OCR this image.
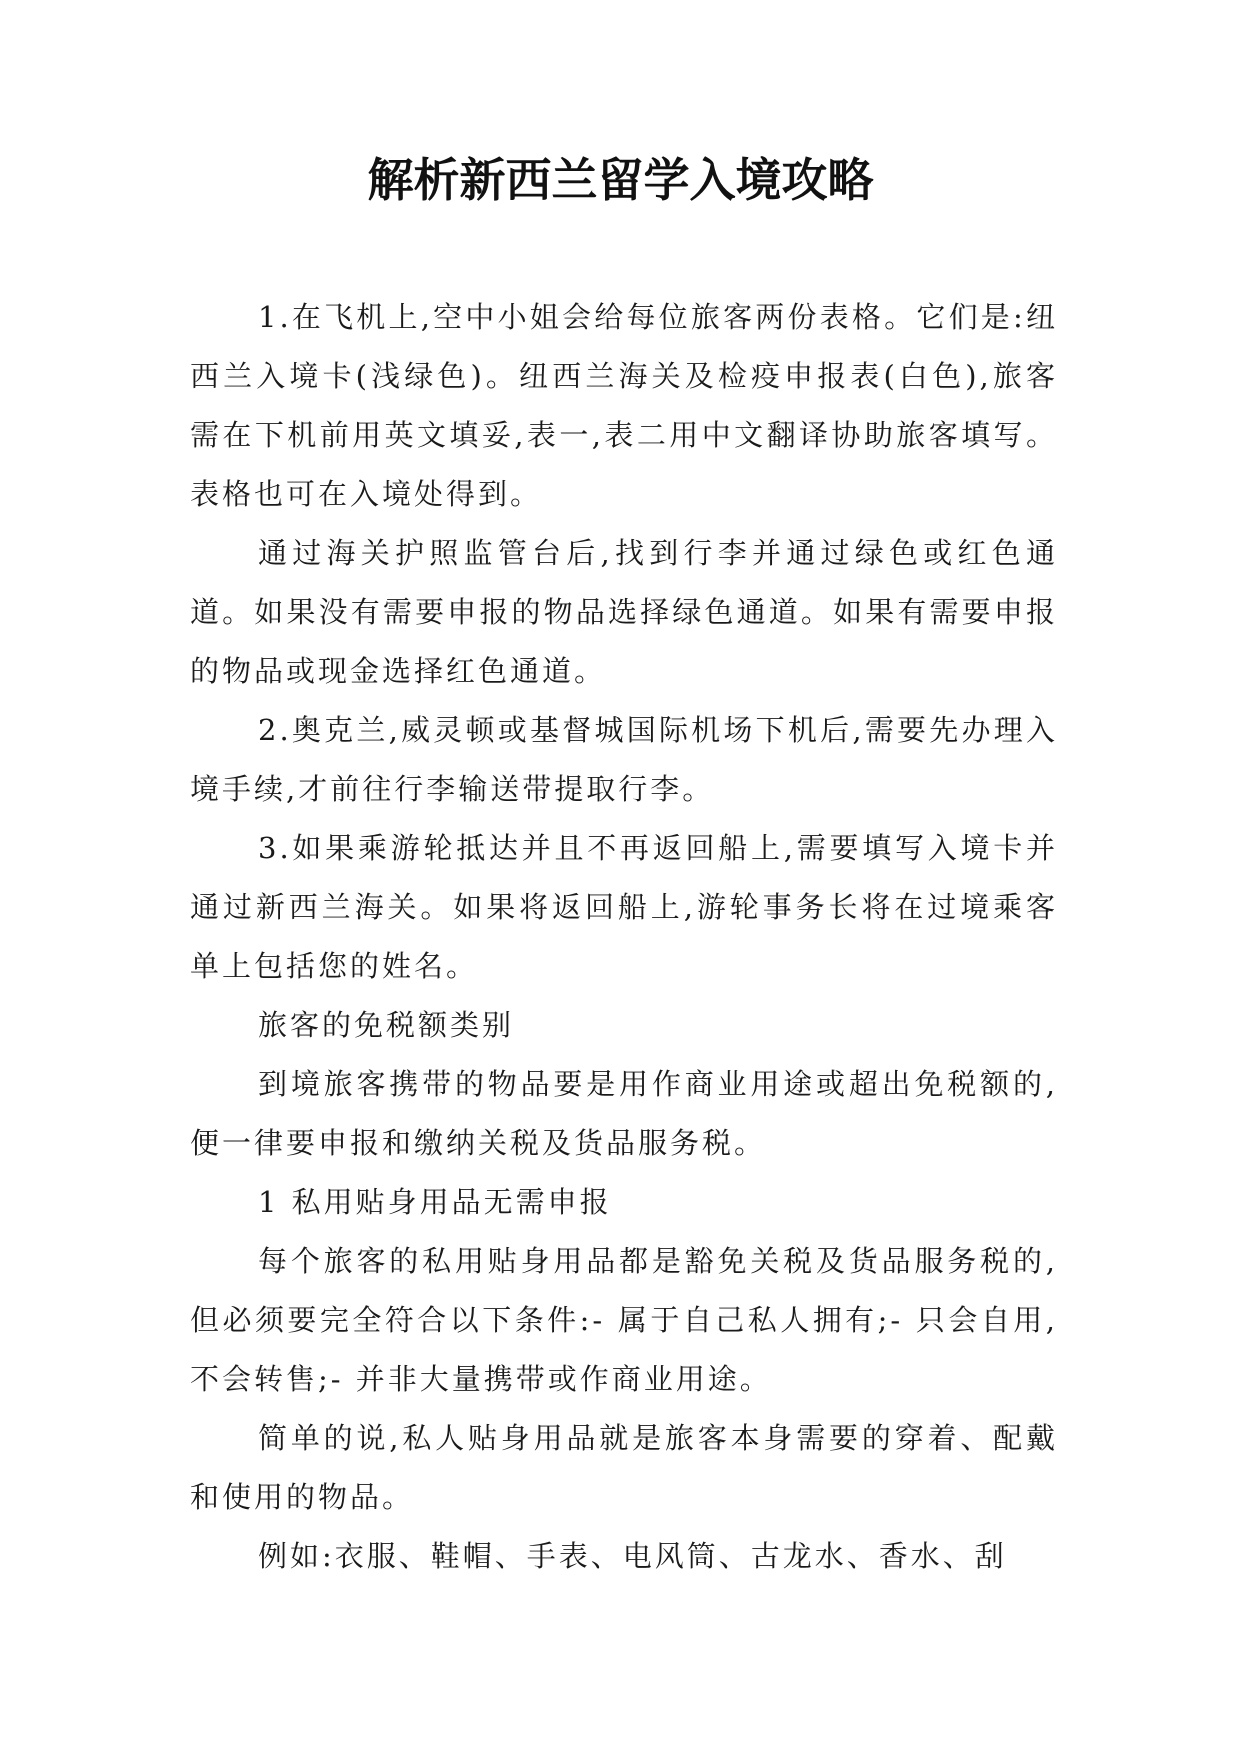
解析新西兰留学入境攻略

1.在飞机上,空中小姐会给每位旅客两份表格。它们是:纽西兰入境卡(浅绿色)。纽西兰海关及检疫申报表(白色),旅客需在下机前用英文填妥,表一,表二用中文翻译协助旅客填写。表格也可在入境处得到。

通过海关护照监管台后,找到行李并通过绿色或红色通道。如果没有需要申报的物品选择绿色通道。如果有需要申报的物品或现金选择红色通道。

2.奥克兰,威灵顿或基督城国际机场下机后,需要先办理入境手续,才前往行李输送带提取行李。

3.如果乘游轮抵达并且不再返回船上,需要填写入境卡并通过新西兰海关。如果将返回船上,游轮事务长将在过境乘客单上包括您的姓名。

旅客的免税额类别

到境旅客携带的物品要是用作商业用途或超出免税额的,便一律要申报和缴纳关税及货品服务税。

1 私用贴身用品无需申报

每个旅客的私用贴身用品都是豁免关税及货品服务税的,但必须要完全符合以下条件:- 属于自己私人拥有;- 只会自用,不会转售;- 并非大量携带或作商业用途。

简单的说,私人贴身用品就是旅客本身需要的穿着、配戴和使用的物品。

例如:衣服、鞋帽、手表、电风筒、古龙水、香水、刮
